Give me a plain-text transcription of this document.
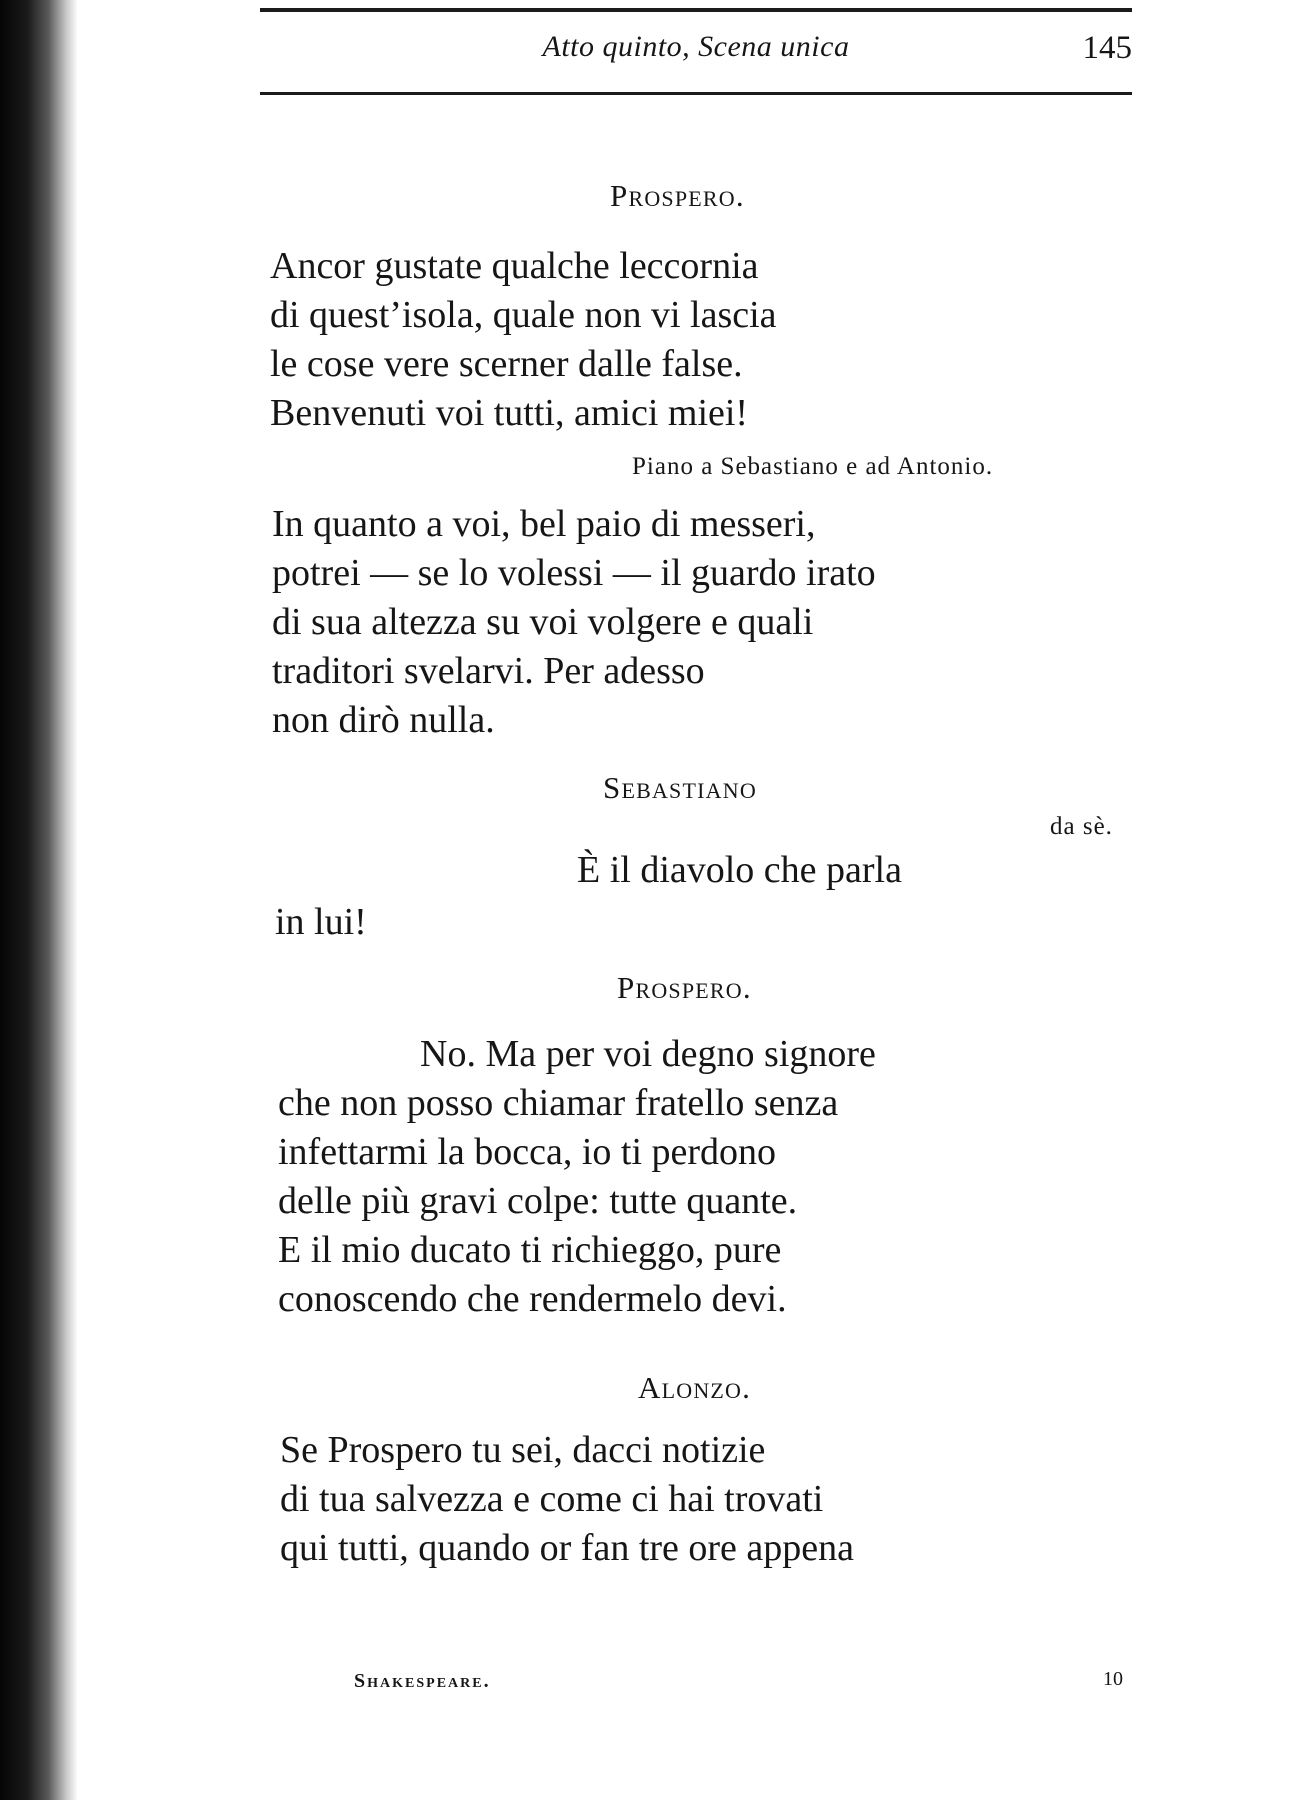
Atto quinto, Scena unica	145
Prospero.
Ancor gustate qualche leccornia
di quest’isola, quale non vi lascia
le cose vere scerner dalle false.
Benvenuti voi tutti, amici miei!
Piano a Sebastiano e ad Antonio.
In quanto a voi, bel paio di messeri,
potrei — se lo volessi — il guardo irato
di sua altezza su voi volgere e quali
traditori svelarvi. Per adesso
non dirò nulla.
Sebastiano
da sè.
È il diavolo che parla
in lui!
Prospero.
No. Ma per voi degno signore
che non posso chiamar fratello senza
infettarmi la bocca, io ti perdono
delle più gravi colpe: tutte quante.
E il mio ducato ti richieggo, pure
conoscendo che rendermelo devi.
Alonzo.
Se Prospero tu sei, dacci notizie
di tua salvezza e come ci hai trovati
qui tutti, quando or fan tre ore appena
Shakespeare.	10
